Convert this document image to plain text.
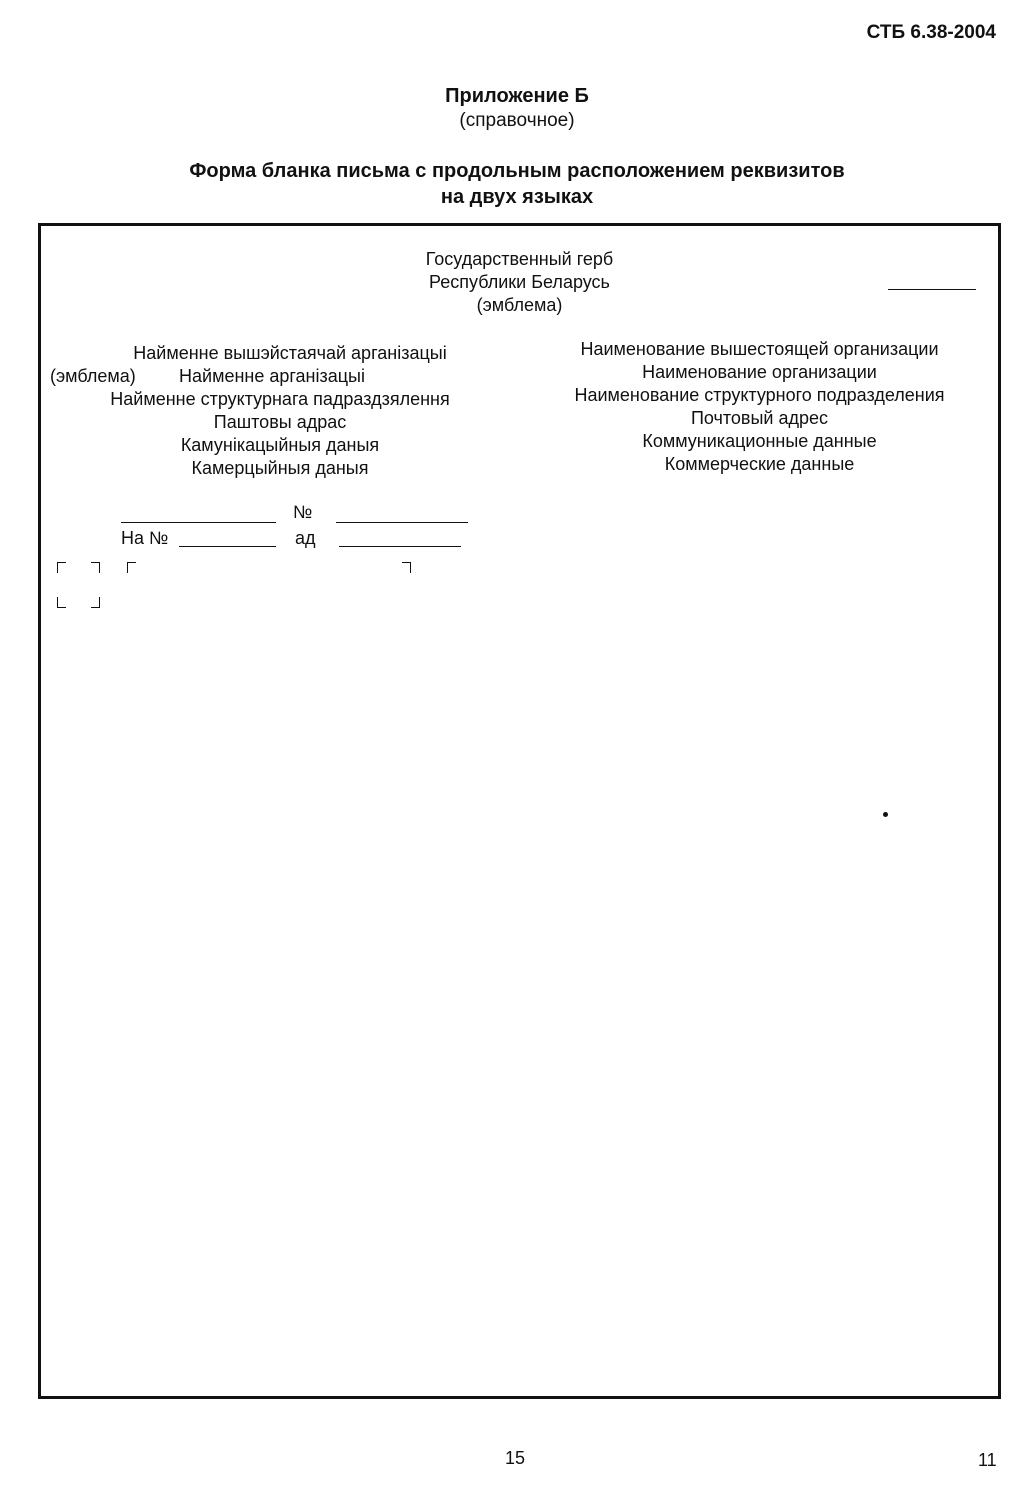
СТБ 6.38-2004
Приложение Б
(справочное)
Форма бланка письма с продольным расположением реквизитов
на двух языках
Государственный герб
Республики Беларусь
(эмблема)
Найменне вышэйстаячай арганізацыі
(эмблема) Найменне арганізацыі
Найменне структурнага падраздзялення
Паштовы адрас
Камунікацыйныя даныя
Камерцыйныя даныя
Наименование вышестоящей организации
Наименование организации
Наименование структурного подразделения
Почтовый адрес
Коммуникационные данные
Коммерческие данные
№
На №	ад
15	11
